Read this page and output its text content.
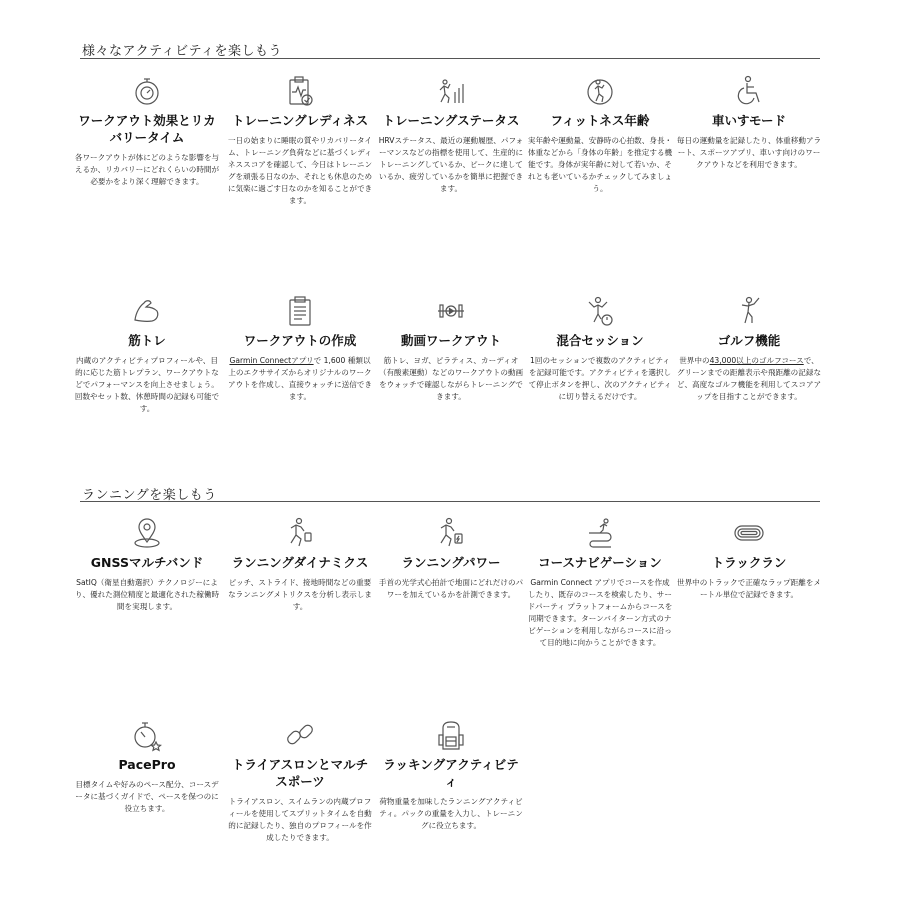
様々なアクティビティを楽しもう
ワークアウト効果とリカバリータイム
各ワークアウトが体にどのような影響を与えるか、リカバリーにどれくらいの時間が必要かをより深く理解できます。
トレーニングレディネス
一日の始まりに睡眠の質やリカバリータイム、トレーニング負荷などに基づくレディネススコアを確認して、今日はトレーニングを頑張る日なのか、それとも休息のために気楽に過ごす日なのかを知ることができます。
トレーニングステータス
HRVステータス、最近の運動履歴、パフォーマンスなどの指標を使用して、生産的にトレーニングしているか、ピークに達しているか、疲労しているかを簡単に把握できます。
フィットネス年齢
実年齢や運動量、安静時の心拍数、身長・体重などから「身体の年齢」を推定する機能です。身体が実年齢に対して若いか、それとも老いているかチェックしてみましょう。
車いすモード
毎日の運動量を記録したり、体重移動アラート、スポーツアプリ、車いす向けのワークアウトなどを利用できます。
筋トレ
内蔵のアクティビティプロフィールや、目的に応じた筋トレプラン、ワークアウトなどでパフォーマンスを向上させましょう。回数やセット数、休憩時間の記録も可能です。
ワークアウトの作成
Garmin Connectアプリで 1,600 種類以上のエクササイズからオリジナルのワークアウトを作成し、直接ウォッチに送信できます。
動画ワークアウト
筋トレ、ヨガ、ピラティス、カーディオ（有酸素運動）などのワークアウトの動画をウォッチで確認しながらトレーニングできます。
混合セッション
1回のセッションで複数のアクティビティを記録可能です。アクティビティを選択して停止ボタンを押し、次のアクティビティに切り替えるだけです。
ゴルフ機能
世界中の43,000以上のゴルフコースで、グリーンまでの距離表示や飛距離の記録など、高度なゴルフ機能を利用してスコアアップを目指すことができます。
ランニングを楽しもう
GNSSマルチバンド
SatIQ（衛星自動選択）テクノロジーにより、優れた測位精度と最適化された稼働時間を実現します。
ランニングダイナミクス
ピッチ、ストライド、接地時間などの重要なランニングメトリクスを分析し表示します。
ランニングパワー
手首の光学式心拍計で地面にどれだけのパワーを加えているかを計測できます。
コースナビゲーション
Garmin Connect アプリでコースを作成したり、既存のコースを検索したり、サードパーティ プラットフォームからコースを同期できます。ターンバイターン方式のナビゲーションを利用しながらコースに沿って目的地に向かうことができます。
トラックラン
世界中のトラックで正確なラップ距離をメートル単位で記録できます。
PacePro
目標タイムや好みのペース配分、コースデータに基づくガイドで、ペースを保つのに役立ちます。
トライアスロンとマルチスポーツ
トライアスロン、スイムランの内蔵プロフィールを使用してスプリットタイムを自動的に記録したり、独自のプロフィールを作成したりできます。
ラッキングアクティビティ
荷物重量を加味したランニングアクティビティ。パックの重量を入力し、トレーニングに役立ちます。
